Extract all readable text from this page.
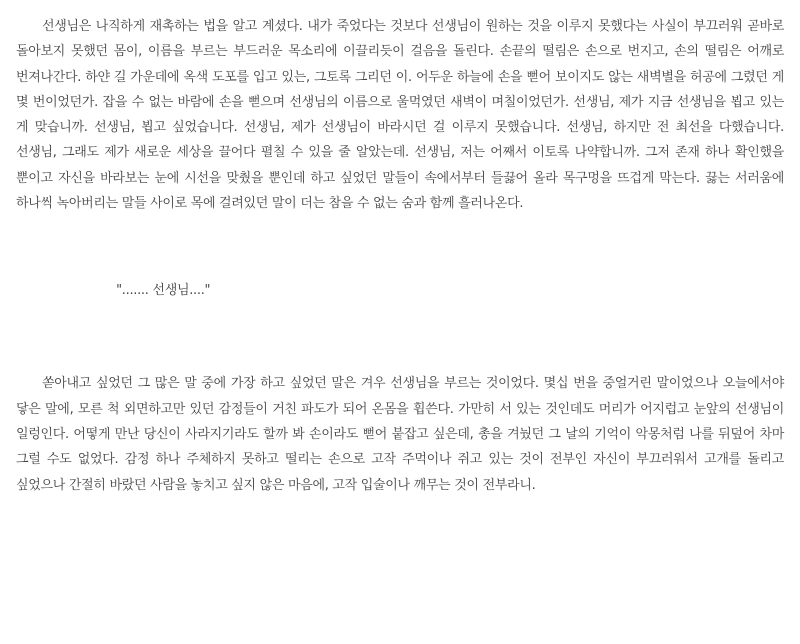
선생님은 나직하게 재촉하는 법을 알고 계셨다. 내가 죽었다는 것보다 선생님이 원하는 것을 이루지 못했다는 사실이 부끄러워 곧바로 돌아보지 못했던 몸이, 이름을 부르는 부드러운 목소리에 이끌리듯이 걸음을 돌린다. 손끝의 떨림은 손으로 번지고, 손의 떨림은 어깨로 번져나간다. 하얀 길 가운데에 옥색 도포를 입고 있는, 그토록 그리던 이. 어두운 하늘에 손을 뻗어 보이지도 않는 새벽별을 허공에 그렸던 게 몇 번이었던가. 잡을 수 없는 바람에 손을 뻗으며 선생님의 이름으로 울먹였던 새벽이 며칠이었던가. 선생님, 제가 지금 선생님을 뵙고 있는 게 맞습니까. 선생님, 뵙고 싶었습니다. 선생님, 제가 선생님이 바라시던 걸 이루지 못했습니다. 선생님, 하지만 전 최선을 다했습니다. 선생님, 그래도 제가 새로운 세상을 끌어다 펼칠 수 있을 줄 알았는데. 선생님, 저는 어째서 이토록 나약합니까. 그저 존재 하나 확인했을 뿐이고 자신을 바라보는 눈에 시선을 맞췄을 뿐인데 하고 싶었던 말들이 속에서부터 들끓어 올라 목구멍을 뜨겁게 막는다. 끓는 서러움에 하나씩 녹아버리는 말들 사이로 목에 걸려있던 말이 더는 참을 수 없는 숨과 함께 흘러나온다.

"....... 선생님...."

쏟아내고 싶었던 그 많은 말 중에 가장 하고 싶었던 말은 겨우 선생님을 부르는 것이었다. 몇십 번을 중얼거린 말이었으나 오늘에서야 닿은 말에, 모른 척 외면하고만 있던 감정들이 거친 파도가 되어 온몸을 휩쓴다. 가만히 서 있는 것인데도 머리가 어지럽고 눈앞의 선생님이 일렁인다. 어떻게 만난 당신이 사라지기라도 할까 봐 손이라도 뻗어 붙잡고 싶은데, 총을 겨눴던 그 날의 기억이 악몽처럼 나를 뒤덮어 차마 그럴 수도 없었다. 감정 하나 주체하지 못하고 떨리는 손으로 고작 주먹이나 쥐고 있는 것이 전부인 자신이 부끄러워서 고개를 돌리고 싶었으나 간절히 바랐던 사람을 놓치고 싶지 않은 마음에, 고작 입술이나 깨무는 것이 전부라니.
